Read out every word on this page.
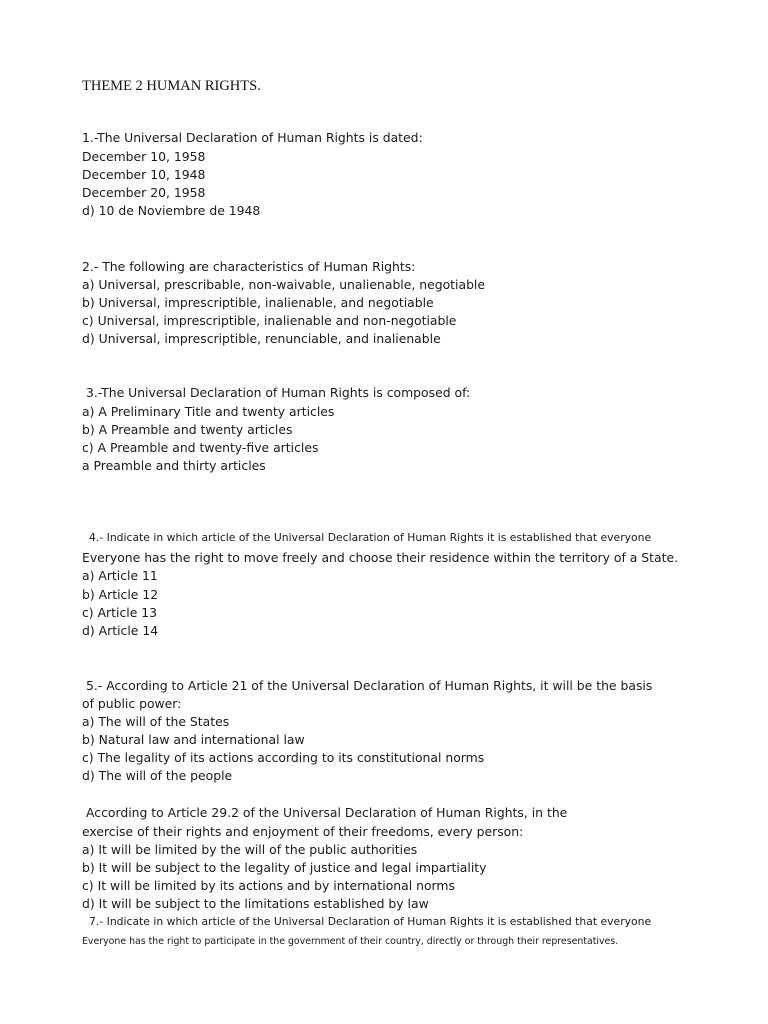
THEME 2 HUMAN RIGHTS.
1.-The Universal Declaration of Human Rights is dated:
December 10, 1958
December 10, 1948
December 20, 1958
d) 10 de Noviembre de 1948
2.- The following are characteristics of Human Rights:
a) Universal, prescribable, non-waivable, unalienable, negotiable
b) Universal, imprescriptible, inalienable, and negotiable
c) Universal, imprescriptible, inalienable and non-negotiable
d) Universal, imprescriptible, renunciable, and inalienable
3.-The Universal Declaration of Human Rights is composed of:
a) A Preliminary Title and twenty articles
b) A Preamble and twenty articles
c) A Preamble and twenty-five articles
a Preamble and thirty articles
4.- Indicate in which article of the Universal Declaration of Human Rights it is established that everyone
Everyone has the right to move freely and choose their residence within the territory of a State.
a) Article 11
b) Article 12
c) Article 13
d) Article 14
5.- According to Article 21 of the Universal Declaration of Human Rights, it will be the basis
of public power:
a) The will of the States
b) Natural law and international law
c) The legality of its actions according to its constitutional norms
d) The will of the people
According to Article 29.2 of the Universal Declaration of Human Rights, in the
exercise of their rights and enjoyment of their freedoms, every person:
a) It will be limited by the will of the public authorities
b) It will be subject to the legality of justice and legal impartiality
c) It will be limited by its actions and by international norms
d) It will be subject to the limitations established by law
7.- Indicate in which article of the Universal Declaration of Human Rights it is established that everyone
Everyone has the right to participate in the government of their country, directly or through their representatives.
